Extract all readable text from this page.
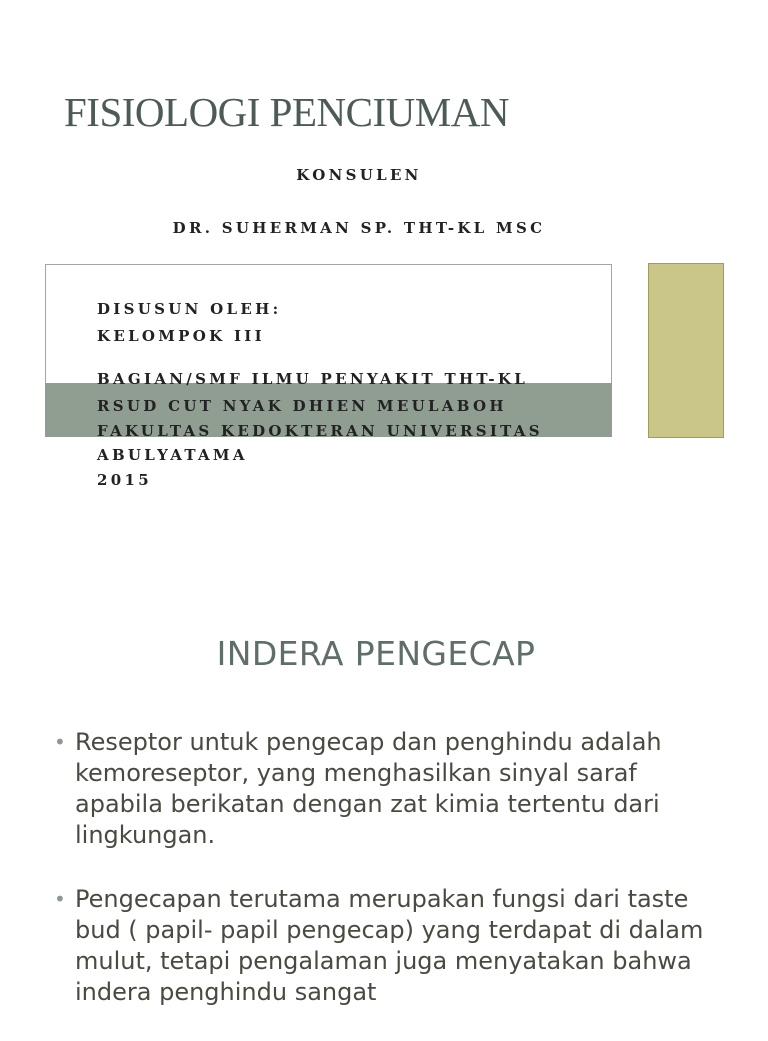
FISIOLOGI PENCIUMAN
KONSULEN
DR. SUHERMAN SP. THT-KL MSC
DISUSUN OLEH:
KELOMPOK III
BAGIAN/SMF ILMU PENYAKIT THT-KL
RSUD CUT NYAK DHIEN MEULABOH
FAKULTAS KEDOKTERAN UNIVERSITAS
ABULYATAMA
2015
INDERA PENGECAP
• Reseptor untuk pengecap dan penghindu adalah kemoreseptor, yang menghasilkan sinyal saraf apabila berikatan dengan zat kimia tertentu dari lingkungan.
• Pengecapan terutama merupakan fungsi dari taste bud ( papil- papil pengecap) yang terdapat di dalam mulut, tetapi pengalaman juga menyatakan bahwa indera penghindu sangat
